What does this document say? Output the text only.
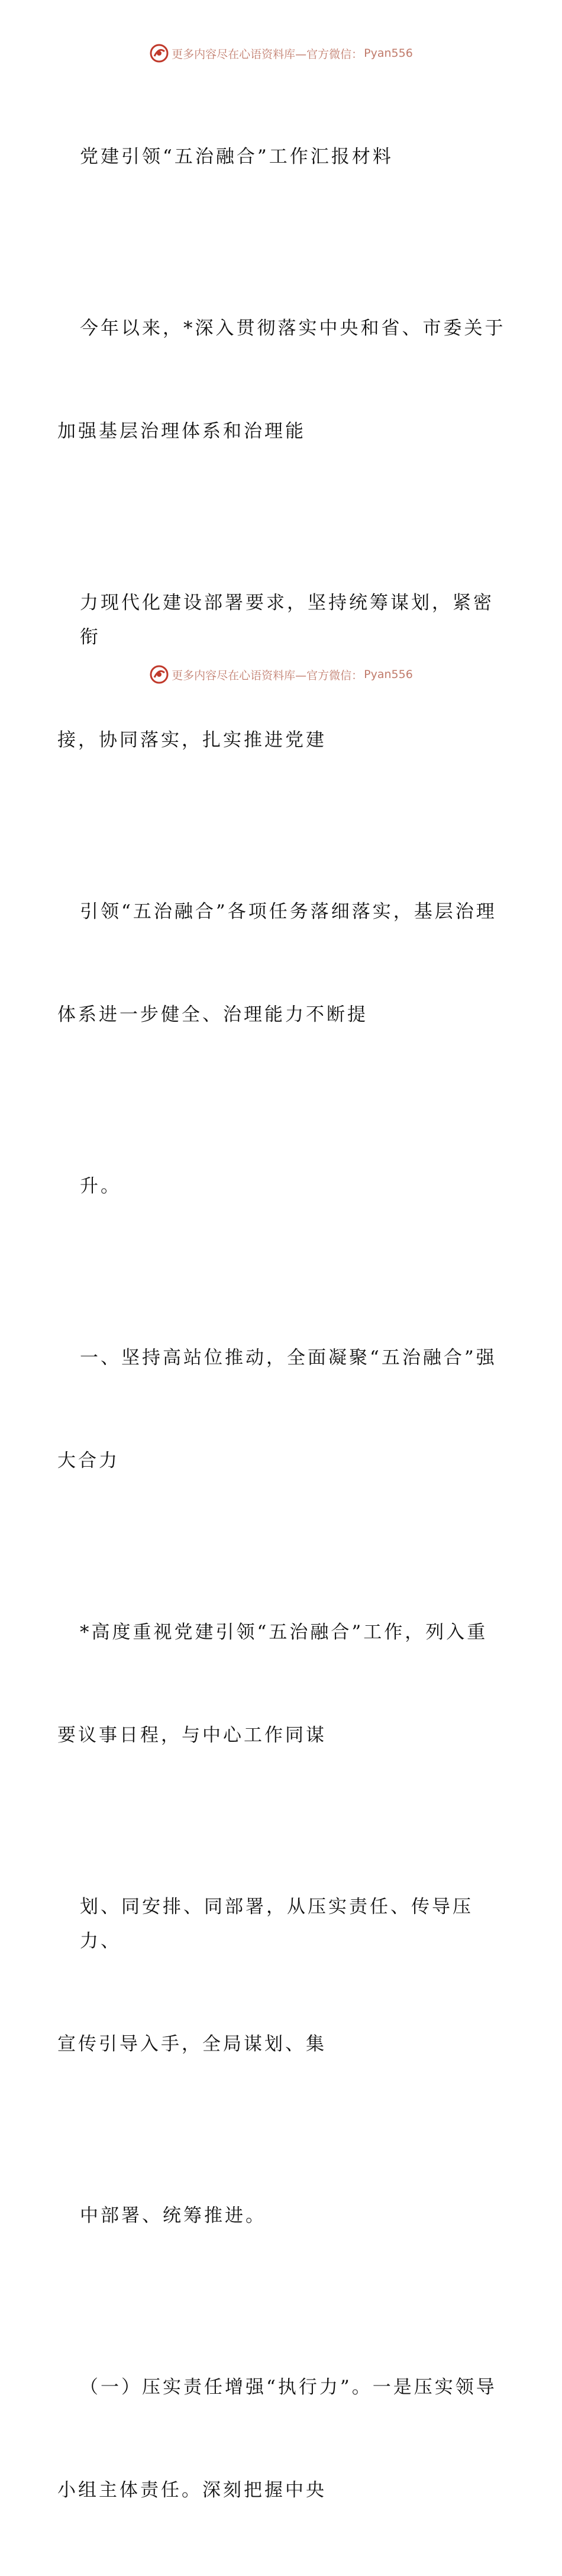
更多内容尽在心语资料库—官方微信： Pyan556

党建引领“五治融合”工作汇报材料

今年以来，*深入贯彻落实中央和省、市委关于

加强基层治理体系和治理能

力现代化建设部署要求，坚持统筹谋划，紧密衔

接，协同落实，扎实推进党建

引领“五治融合”各项任务落细落实，基层治理

体系进一步健全、治理能力不断提

升。

一、坚持高站位推动，全面凝聚“五治融合”强

大合力

*高度重视党建引领“五治融合”工作，列入重

要议事日程，与中心工作同谋

划、同安排、同部署，从压实责任、传导压力、

宣传引导入手，全局谋划、集

中部署、统筹推进。

（一）压实责任增强“执行力”。一是压实领导

小组主体责任。深刻把握中央

更多内容尽在心语资料库—官方微信： Pyan556
